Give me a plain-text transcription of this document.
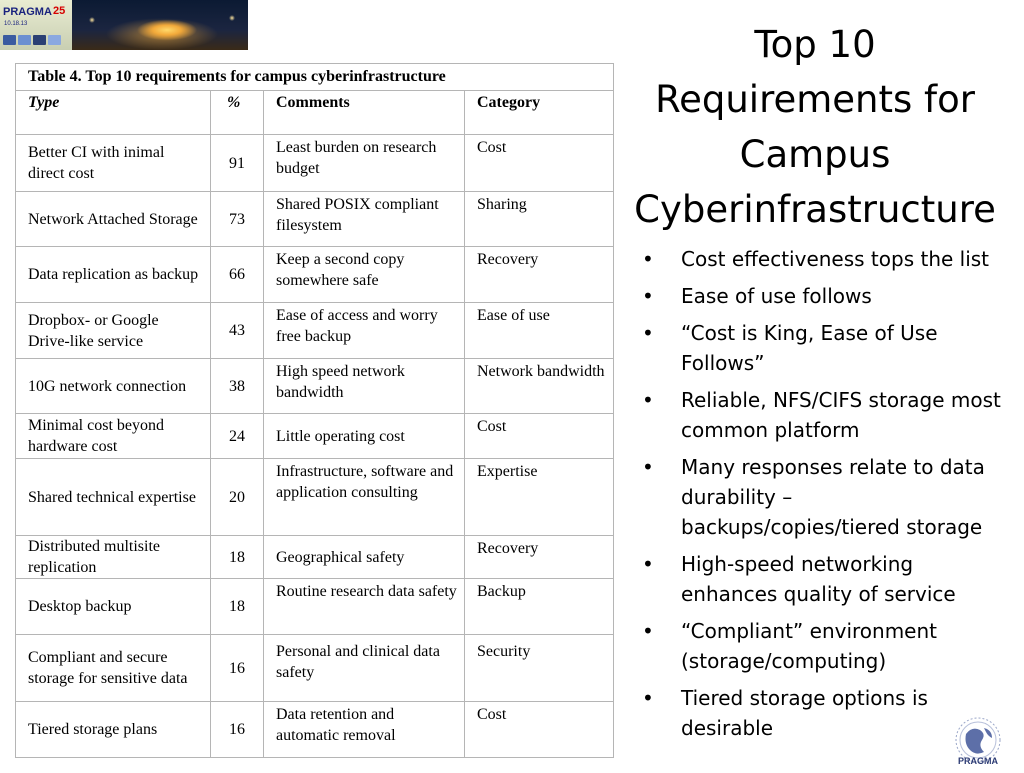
PRAGMA 25
10.18.13
Table 4. Top 10 requirements for campus cyberinfrastructure			
Type	%	Comments	Category
Better CI with inimal direct cost	91	Least burden on research budget	Cost
Network Attached Storage	73	Shared POSIX compliant filesystem	Sharing
Data replication as backup	66	Keep a second copy somewhere safe	Recovery
Dropbox- or Google Drive-like service	43	Ease of access and worry free backup	Ease of use
10G network connection	38	High speed network bandwidth	Network bandwidth
Minimal cost beyond hardware cost	24	Little operating cost	Cost
Shared technical expertise	20	Infrastructure, software and application consulting	Expertise
Distributed multisite replication	18	Geographical safety	Recovery
Desktop backup	18	Routine research data safety	Backup
Compliant and secure storage for sensitive data	16	Personal and clinical data safety	Security
Tiered storage plans	16	Data retention and automatic removal	Cost
Top 10
Requirements for
Campus
Cyberinfrastructure
• Cost effectiveness tops the list
• Ease of use follows
• “Cost is King, Ease of Use Follows”
• Reliable, NFS/CIFS storage most common platform
• Many responses relate to data durability – backups/copies/tiered storage
• High-speed networking enhances quality of service
• “Compliant” environment (storage/computing)
• Tiered storage options is desirable
PRAGMA
